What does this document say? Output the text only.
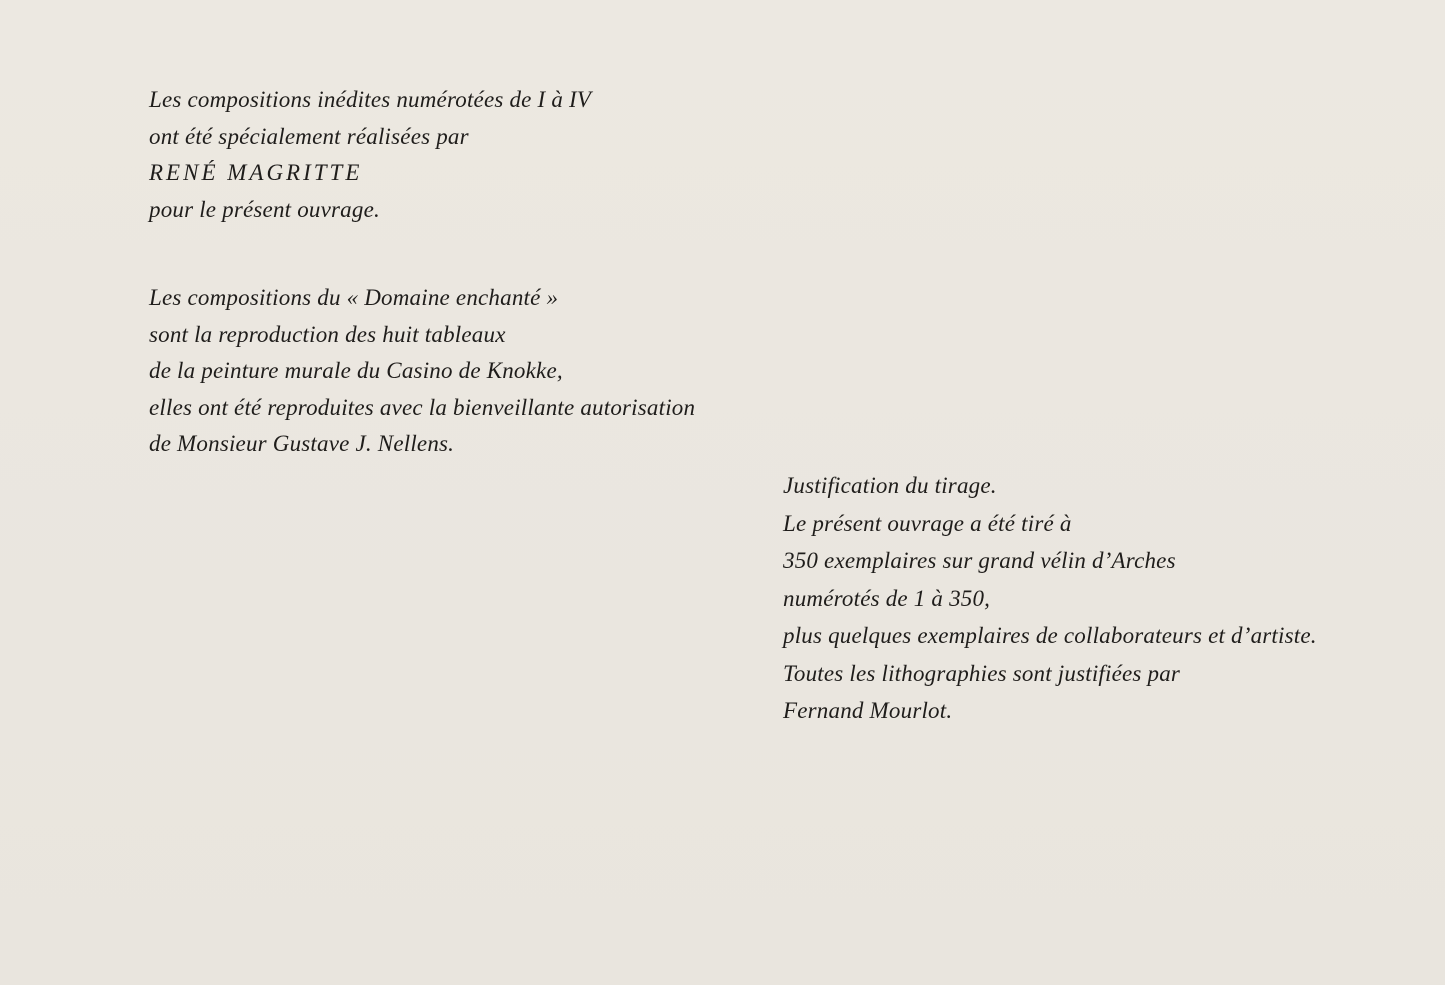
Les compositions inédites numérotées de I à IV
ont été spécialement réalisées par
RENÉ MAGRITTE
pour le présent ouvrage.
Les compositions du « Domaine enchanté »
sont la reproduction des huit tableaux
de la peinture murale du Casino de Knokke,
elles ont été reproduites avec la bienveillante autorisation
de Monsieur Gustave J. Nellens.
Justification du tirage.
Le présent ouvrage a été tiré à
350 exemplaires sur grand vélin d’Arches
numérotés de 1 à 350,
plus quelques exemplaires de collaborateurs et d’artiste.
Toutes les lithographies sont justifiées par
Fernand Mourlot.
